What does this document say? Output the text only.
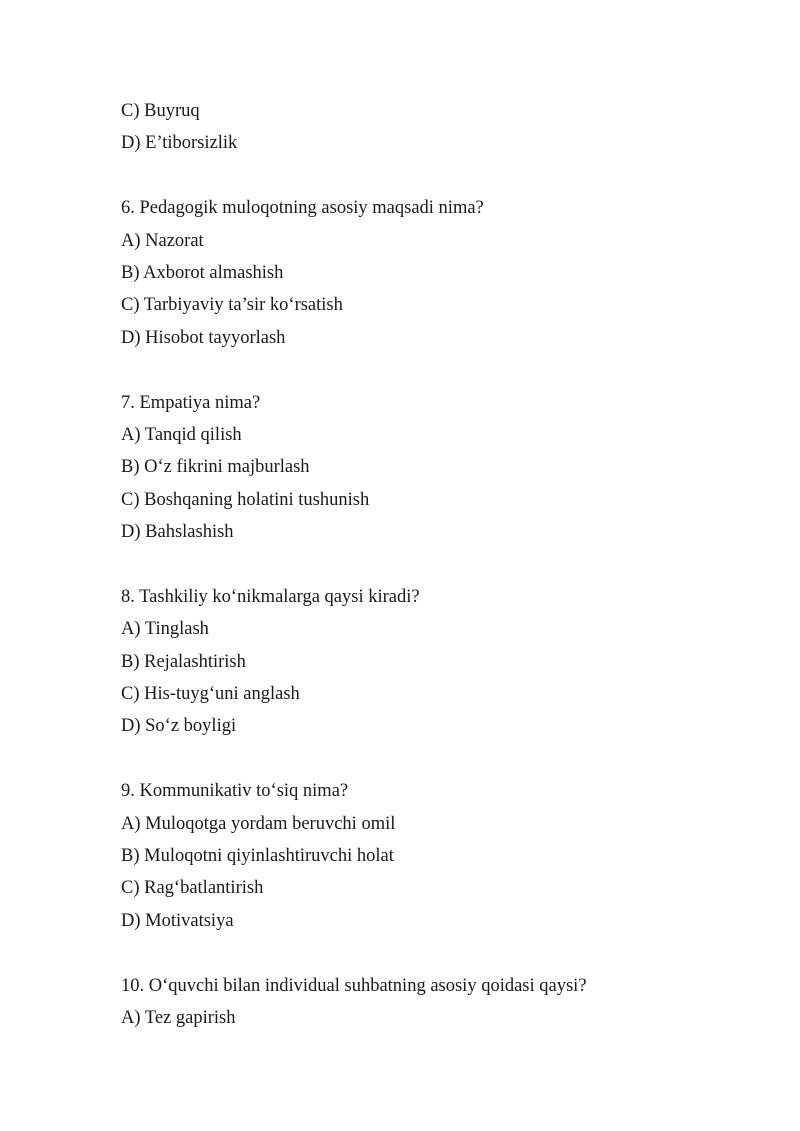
C) Buyruq
D) E’tiborsizlik
6. Pedagogik muloqotning asosiy maqsadi nima?
A) Nazorat
B) Axborot almashish
C) Tarbiyaviy ta’sir ko‘rsatish
D) Hisobot tayyorlash
7. Empatiya nima?
A) Tanqid qilish
B) O‘z fikrini majburlash
C) Boshqaning holatini tushunish
D) Bahslashish
8. Tashkiliy ko‘nikmalarga qaysi kiradi?
A) Tinglash
B) Rejalashtirish
C) His-tuyg‘uni anglash
D) So‘z boyligi
9. Kommunikativ to‘siq nima?
A) Muloqotga yordam beruvchi omil
B) Muloqotni qiyinlashtiruvchi holat
C) Rag‘batlantirish
D) Motivatsiya
10. O‘quvchi bilan individual suhbatning asosiy qoidasi qaysi?
A) Tez gapirish
